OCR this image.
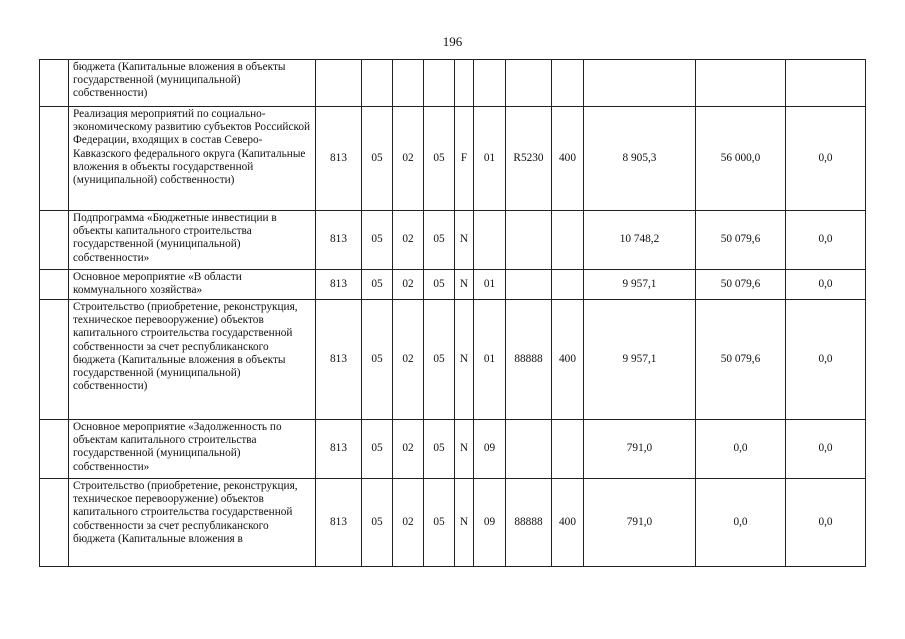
196
	бюджета (Капитальные вложения в объекты государственной (муниципальной) собственности)											
	Реализация мероприятий по социально-экономическому развитию субъектов Российской Федерации, входящих в состав Северо-Кавказского федерального округа (Капитальные вложения в объекты государственной (муниципальной) собственности)	813	05	02	05	F	01	R5230	400	8 905,3	56 000,0	0,0
	Подпрограмма «Бюджетные инвестиции в объекты капитального строительства государственной (муниципальной) собственности»	813	05	02	05	N				10 748,2	50 079,6	0,0
	Основное мероприятие «В области коммунального хозяйства»	813	05	02	05	N	01			9 957,1	50 079,6	0,0
	Строительство (приобретение, реконструкция, техническое перевооружение) объектов капитального строительства государственной собственности за счет республиканского бюджета (Капитальные вложения в объекты государственной (муниципальной) собственности)	813	05	02	05	N	01	88888	400	9 957,1	50 079,6	0,0
	Основное мероприятие «Задолженность по объектам капитального строительства государственной (муниципальной) собственности»	813	05	02	05	N	09			791,0	0,0	0,0
	Строительство (приобретение, реконструкция, техническое перевооружение) объектов капитального строительства государственной собственности за счет республиканского бюджета (Капитальные вложения в	813	05	02	05	N	09	88888	400	791,0	0,0	0,0
